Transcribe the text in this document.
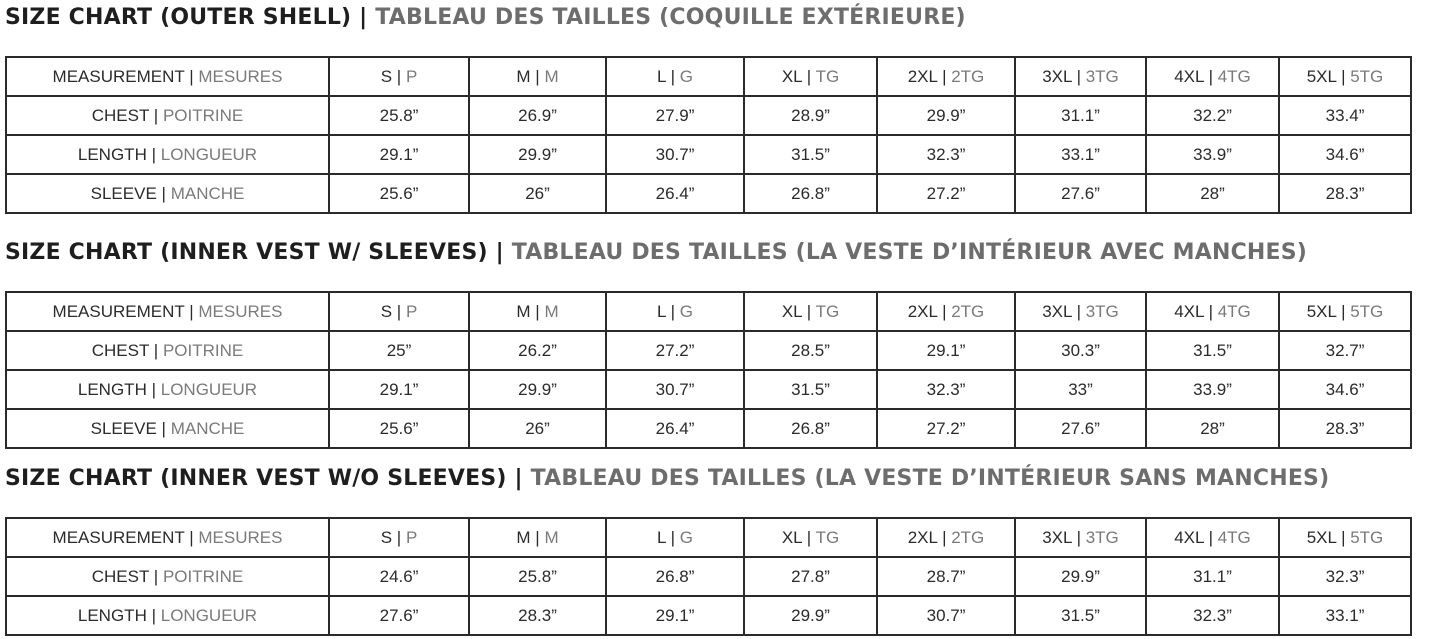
SIZE CHART (OUTER SHELL) | TABLEAU DES TAILLES (COQUILLE EXTÉRIEURE)
MEASUREMENT | MESURES	S | P	M | M	L | G	XL | TG	2XL | 2TG	3XL | 3TG	4XL | 4TG	5XL | 5TG
CHEST | POITRINE	25.8”	26.9”	27.9”	28.9”	29.9”	31.1”	32.2”	33.4”
LENGTH | LONGUEUR	29.1”	29.9”	30.7”	31.5”	32.3”	33.1”	33.9”	34.6”
SLEEVE | MANCHE	25.6”	26”	26.4”	26.8”	27.2”	27.6”	28”	28.3”
SIZE CHART (INNER VEST W/ SLEEVES) | TABLEAU DES TAILLES (LA VESTE D’INTÉRIEUR AVEC MANCHES)
MEASUREMENT | MESURES	S | P	M | M	L | G	XL | TG	2XL | 2TG	3XL | 3TG	4XL | 4TG	5XL | 5TG
CHEST | POITRINE	25”	26.2”	27.2”	28.5”	29.1”	30.3”	31.5”	32.7”
LENGTH | LONGUEUR	29.1”	29.9”	30.7”	31.5”	32.3”	33”	33.9”	34.6”
SLEEVE | MANCHE	25.6”	26”	26.4”	26.8”	27.2”	27.6”	28”	28.3”
SIZE CHART (INNER VEST W/O SLEEVES) | TABLEAU DES TAILLES (LA VESTE D’INTÉRIEUR SANS MANCHES)
MEASUREMENT | MESURES	S | P	M | M	L | G	XL | TG	2XL | 2TG	3XL | 3TG	4XL | 4TG	5XL | 5TG
CHEST | POITRINE	24.6”	25.8”	26.8”	27.8”	28.7”	29.9”	31.1”	32.3”
LENGTH | LONGUEUR	27.6”	28.3”	29.1”	29.9”	30.7”	31.5”	32.3”	33.1”
